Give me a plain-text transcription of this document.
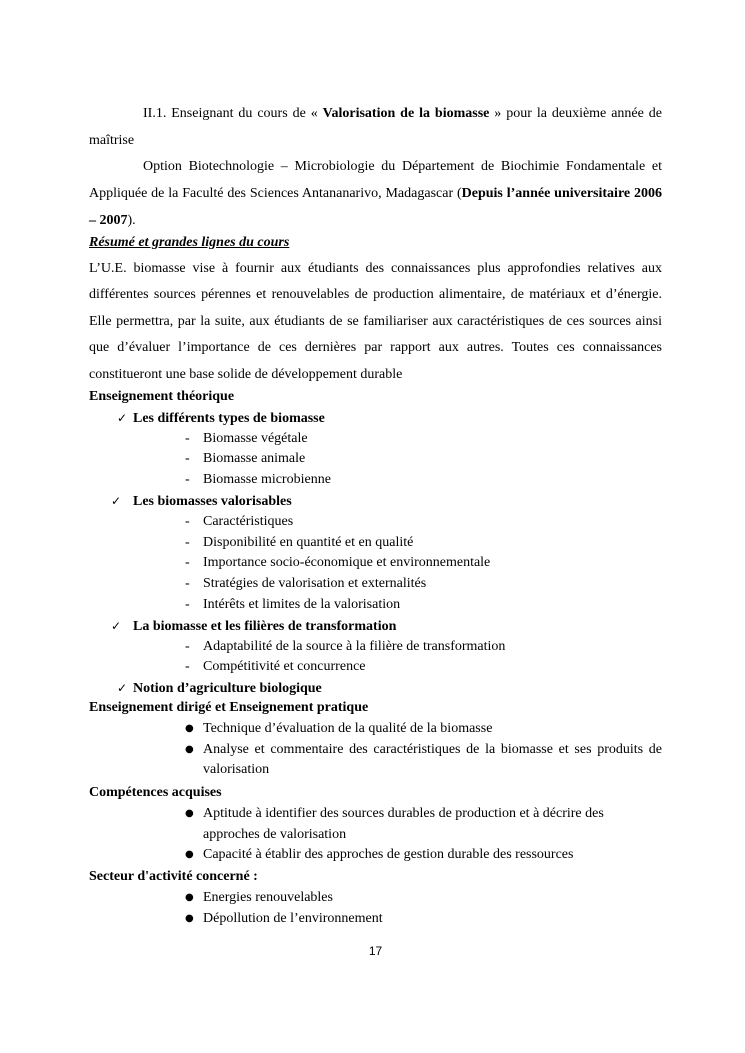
II.1. Enseignant du cours de « Valorisation de la biomasse » pour la deuxième année de maîtrise

Option Biotechnologie – Microbiologie du Département de Biochimie Fondamentale et Appliquée de la Faculté des Sciences Antananarivo, Madagascar (Depuis l’année universitaire 2006 – 2007).

Résumé et grandes lignes du cours

L’U.E. biomasse vise à fournir aux étudiants des connaissances plus approfondies relatives aux différentes sources pérennes et renouvelables de production alimentaire, de matériaux et d’énergie. Elle permettra, par la suite, aux étudiants de se familiariser aux caractéristiques de ces sources ainsi que d’évaluer l’importance de ces dernières par rapport aux autres. Toutes ces connaissances constitueront une base solide de développement durable

Enseignement théorique
✓ Les différents types de biomasse
- Biomasse végétale
- Biomasse animale
- Biomasse microbienne
✓ Les biomasses valorisables
- Caractéristiques
- Disponibilité en quantité et en qualité
- Importance socio-économique et environnementale
- Stratégies de valorisation et externalités
- Intérêts et limites de la valorisation
✓ La biomasse et les filières de transformation
- Adaptabilité de la source à la filière de transformation
- Compétitivité et concurrence
✓ Notion d’agriculture biologique
Enseignement dirigé et Enseignement pratique
● Technique d’évaluation de la qualité de la biomasse
● Analyse et commentaire des caractéristiques de la biomasse et ses produits de valorisation
Compétences acquises
● Aptitude à identifier des sources durables de production et à décrire des approches de valorisation
● Capacité à établir des approches de gestion durable des ressources
Secteur d'activité concerné :
● Energies renouvelables
● Dépollution de l’environnement
17
